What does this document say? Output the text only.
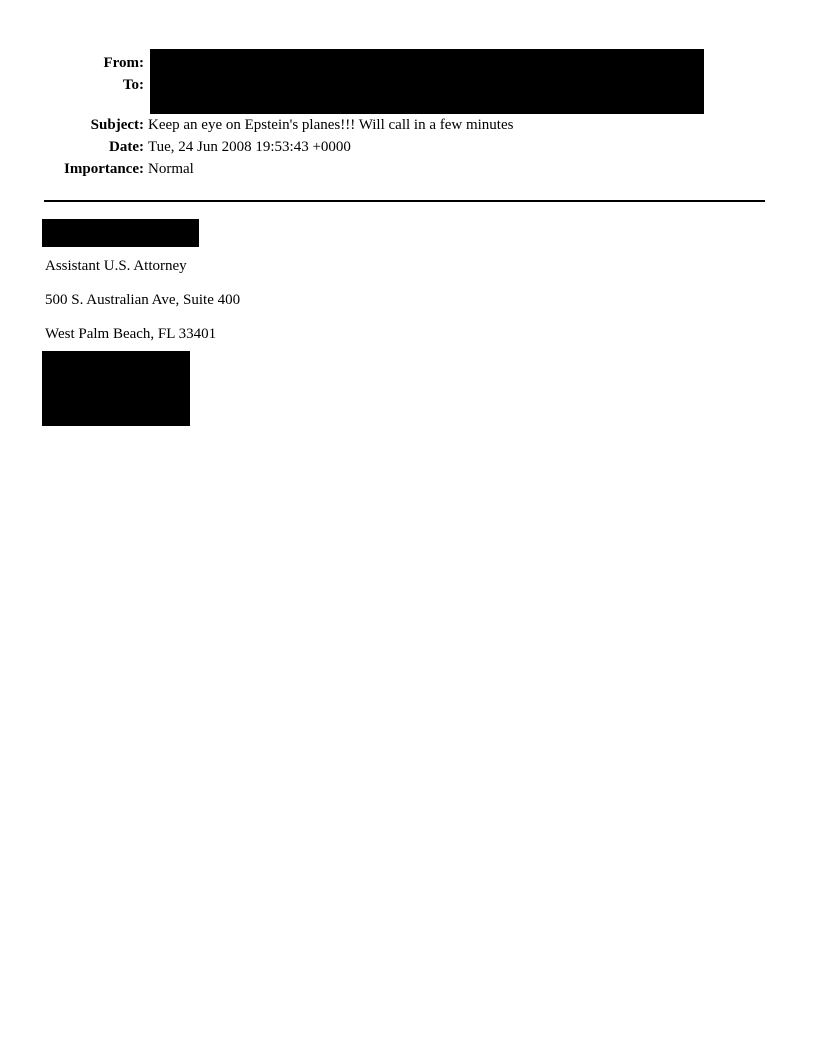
From:
To:
Subject: Keep an eye on Epstein's planes!!! Will call in a few minutes
Date: Tue, 24 Jun 2008 19:53:43 +0000
Importance: Normal
Assistant U.S. Attorney
500 S. Australian Ave, Suite 400
West Palm Beach, FL 33401
